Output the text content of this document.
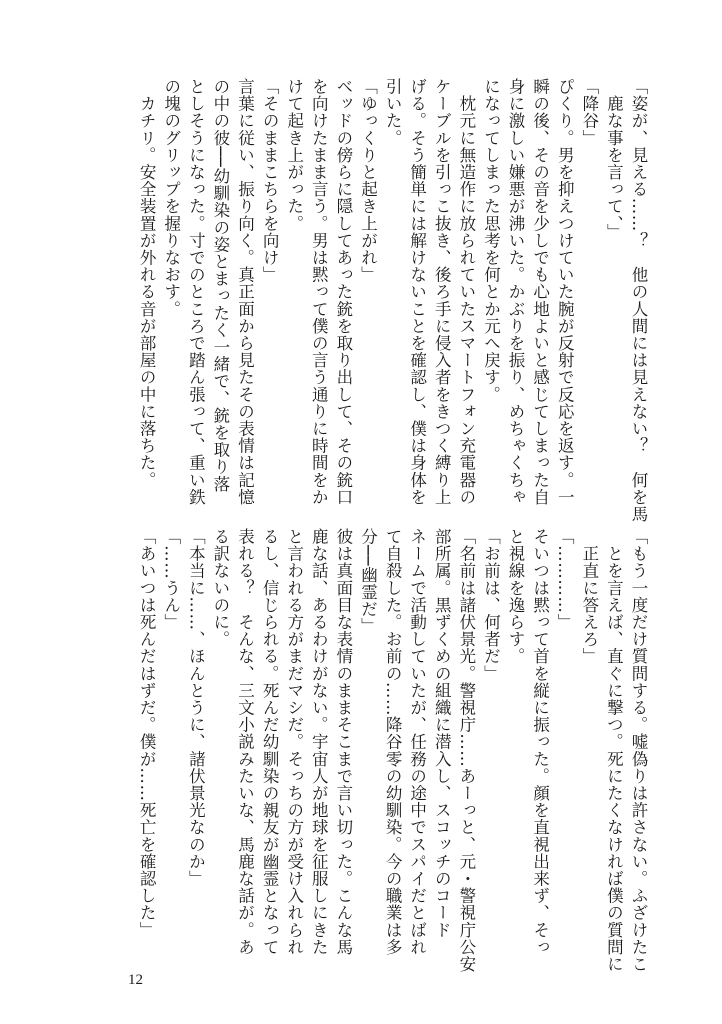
「姿が、見える……？　他の人間には見えない？　何を馬
　鹿な事を言って、」
「降谷」
ぴくり。男を抑えつけていた腕が反射で反応を返す。一
瞬の後、その音を少しでも心地よいと感じてしまった自
身に激しい嫌悪が沸いた。かぶりを振り、めちゃくちゃ
になってしまった思考を何とか元へ戻す。
　枕元に無造作に放られていたスマートフォン充電器の
ケーブルを引っこ抜き、後ろ手に侵入者をきつく縛り上
げる。そう簡単には解けないことを確認し、僕は身体を
引いた。
「ゆっくりと起き上がれ」
ベッドの傍らに隠してあった銃を取り出して、その銃口
を向けたまま言う。男は黙って僕の言う通りに時間をか
けて起き上がった。
「そのままこちらを向け」
言葉に従い、振り向く。真正面から見たその表情は記憶
の中の彼──幼馴染の姿とまったく一緒で、銃を取り落
としそうになった。寸でのところで踏ん張って、重い鉄
の塊のグリップを握りなおす。
　カチリ。安全装置が外れる音が部屋の中に落ちた。
「もう一度だけ質問する。嘘偽りは許さない。ふざけたこ
　とを言えば、直ぐに撃つ。死にたくなければ僕の質問に
　正直に答えろ」
「…………」
そいつは黙って首を縦に振った。顔を直視出来ず、そっ
と視線を逸らす。
「お前は、何者だ」
「名前は諸伏景光。警視庁……あーっと、元・警視庁公安
部所属。黒ずくめの組織に潜入し、スコッチのコード
ネームで活動していたが、任務の途中でスパイだとばれ
て自殺した。お前の……降谷零の幼馴染。今の職業は多
分──幽霊だ」
彼は真面目な表情のままそこまで言い切った。こんな馬
鹿な話、あるわけがない。宇宙人が地球を征服しにきた
と言われる方がまだマシだ。そっちの方が受け入れられ
るし、信じられる。死んだ幼馴染の親友が幽霊となって
表れる？　そんな、三文小説みたいな、馬鹿な話が。あ
る訳ないのに。
「本当に……、ほんとうに、諸伏景光なのか」
「……うん」
「あいつは死んだはずだ。僕が……死亡を確認した」
12
